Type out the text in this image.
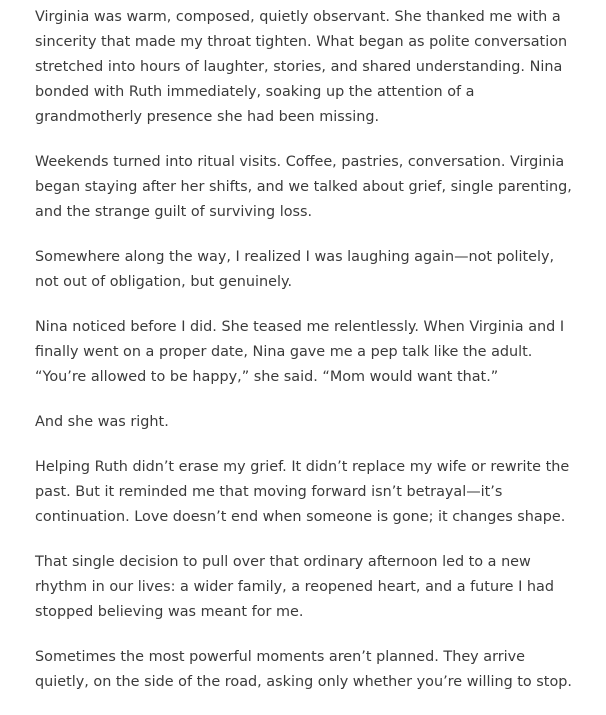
Virginia was warm, composed, quietly observant. She thanked me with a sincerity that made my throat tighten. What began as polite conversation stretched into hours of laughter, stories, and shared understanding. Nina bonded with Ruth immediately, soaking up the attention of a grandmotherly presence she had been missing.

Weekends turned into ritual visits. Coffee, pastries, conversation. Virginia began staying after her shifts, and we talked about grief, single parenting, and the strange guilt of surviving loss.

Somewhere along the way, I realized I was laughing again—not politely, not out of obligation, but genuinely.

Nina noticed before I did. She teased me relentlessly. When Virginia and I finally went on a proper date, Nina gave me a pep talk like the adult. “You’re allowed to be happy,” she said. “Mom would want that.”

And she was right.

Helping Ruth didn’t erase my grief. It didn’t replace my wife or rewrite the past. But it reminded me that moving forward isn’t betrayal—it’s continuation. Love doesn’t end when someone is gone; it changes shape.

That single decision to pull over that ordinary afternoon led to a new rhythm in our lives: a wider family, a reopened heart, and a future I had stopped believing was meant for me.

Sometimes the most powerful moments aren’t planned. They arrive quietly, on the side of the road, asking only whether you’re willing to stop.
